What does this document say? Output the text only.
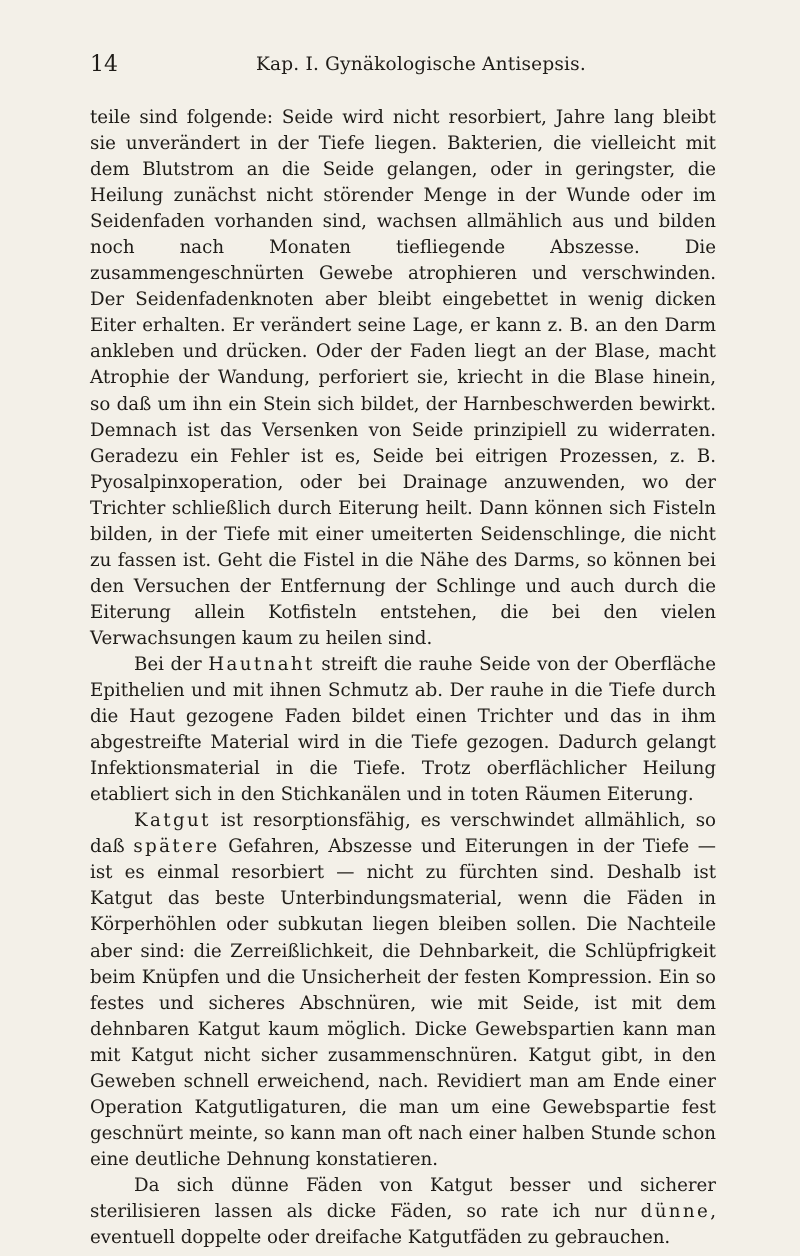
14	Kap. I. Gynäkologische Antisepsis.

teile sind folgende: Seide wird nicht resorbiert, Jahre lang bleibt sie unverändert in der Tiefe liegen. Bakterien, die vielleicht mit dem Blutstrom an die Seide gelangen, oder in geringster, die Heilung zunächst nicht störender Menge in der Wunde oder im Seidenfaden vorhanden sind, wachsen allmählich aus und bilden noch nach Monaten tiefliegende Abszesse. Die zusammengeschnürten Gewebe atrophieren und verschwinden. Der Seidenfadenknoten aber bleibt eingebettet in wenig dicken Eiter erhalten. Er verändert seine Lage, er kann z. B. an den Darm ankleben und drücken. Oder der Faden liegt an der Blase, macht Atrophie der Wandung, perforiert sie, kriecht in die Blase hinein, so daß um ihn ein Stein sich bildet, der Harnbeschwerden bewirkt. Demnach ist das Versenken von Seide prinzipiell zu widerraten. Geradezu ein Fehler ist es, Seide bei eitrigen Prozessen, z. B. Pyosalpinxoperation, oder bei Drainage anzuwenden, wo der Trichter schließlich durch Eiterung heilt. Dann können sich Fisteln bilden, in der Tiefe mit einer umeiterten Seidenschlinge, die nicht zu fassen ist. Geht die Fistel in die Nähe des Darms, so können bei den Versuchen der Entfernung der Schlinge und auch durch die Eiterung allein Kotfisteln entstehen, die bei den vielen Verwachsungen kaum zu heilen sind.

Bei der Hautnaht streift die rauhe Seide von der Oberfläche Epithelien und mit ihnen Schmutz ab. Der rauhe in die Tiefe durch die Haut gezogene Faden bildet einen Trichter und das in ihm abgestreifte Material wird in die Tiefe gezogen. Dadurch gelangt Infektionsmaterial in die Tiefe. Trotz oberflächlicher Heilung etabliert sich in den Stichkanälen und in toten Räumen Eiterung.

Katgut ist resorptionsfähig, es verschwindet allmählich, so daß spätere Gefahren, Abszesse und Eiterungen in der Tiefe — ist es einmal resorbiert — nicht zu fürchten sind. Deshalb ist Katgut das beste Unterbindungsmaterial, wenn die Fäden in Körperhöhlen oder subkutan liegen bleiben sollen. Die Nachteile aber sind: die Zerreißlichkeit, die Dehnbarkeit, die Schlüpfrigkeit beim Knüpfen und die Unsicherheit der festen Kompression. Ein so festes und sicheres Abschnüren, wie mit Seide, ist mit dem dehnbaren Katgut kaum möglich. Dicke Gewebspartien kann man mit Katgut nicht sicher zusammenschnüren. Katgut gibt, in den Geweben schnell erweichend, nach. Revidiert man am Ende einer Operation Katgutligaturen, die man um eine Gewebspartie fest geschnürt meinte, so kann man oft nach einer halben Stunde schon eine deutliche Dehnung konstatieren.

Da sich dünne Fäden von Katgut besser und sicherer sterilisieren lassen als dicke Fäden, so rate ich nur dünne, eventuell doppelte oder dreifache Katgutfäden zu gebrauchen.
